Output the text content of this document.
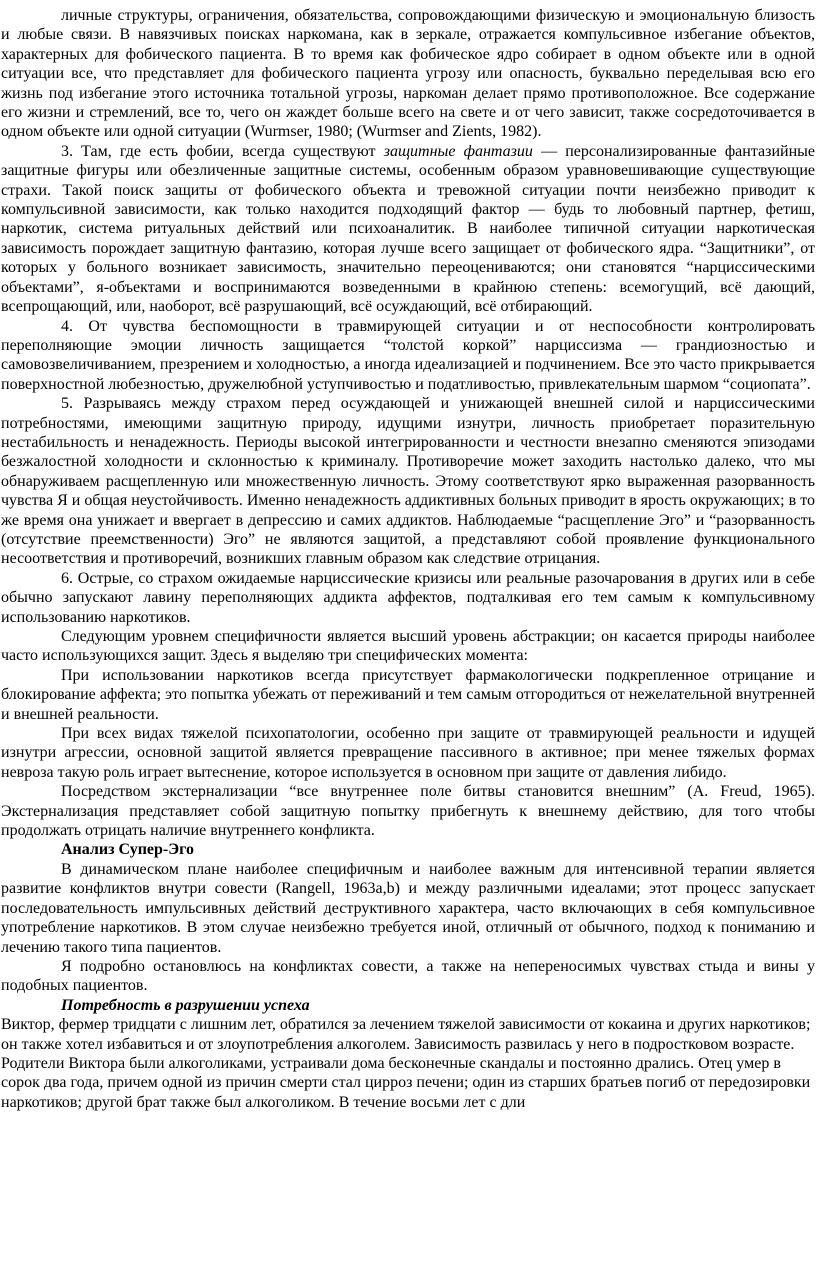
личные структуры, ограничения, обязательства, сопровождающими физическую и эмоциональную близость и любые связи. В навязчивых поисках наркомана, как в зеркале, отражается компульсивное избегание объектов, характерных для фобического пациента. В то время как фобическое ядро собирает в одном объекте или в одной ситуации все, что представляет для фобического пациента угрозу или опасность, буквально переделывая всю его жизнь под избегание этого источника тотальной угрозы, наркоман делает прямо противоположное. Все содержание его жизни и стремлений, все то, чего он жаждет больше всего на свете и от чего зависит, также сосредоточивается в одном объекте или одной ситуации (Wurmser, 1980; (Wurmser and Zients, 1982).

3. Там, где есть фобии, всегда существуют защитные фантазии — персонализированные фантазийные защитные фигуры или обезличенные защитные системы, особенным образом уравновешивающие существующие страхи. Такой поиск защиты от фобического объекта и тревожной ситуации почти неизбежно приводит к компульсивной зависимости, как только находится подходящий фактор — будь то любовный партнер, фетиш, наркотик, система ритуальных действий или психоаналитик. В наиболее типичной ситуации наркотическая зависимость порождает защитную фантазию, которая лучше всего защищает от фобического ядра. “Защитники”, от которых у больного возникает зависимость, значительно переоцениваются; они становятся “нарциссическими объектами”, я-объектами и воспринимаются возведенными в крайнюю степень: всемогущий, всё дающий, всепрощающий, или, наоборот, всё разрушающий, всё осуждающий, всё отбирающий.

4. От чувства беспомощности в травмирующей ситуации и от неспособности контролировать переполняющие эмоции личность защищается “толстой коркой” нарциссизма — грандиозностью и самовозвеличиванием, презрением и холодностью, а иногда идеализацией и подчинением. Все это часто прикрывается поверхностной любезностью, дружелюбной уступчивостью и податливостью, привлекательным шармом “социопата”.

5. Разрываясь между страхом перед осуждающей и унижающей внешней силой и нарциссическими потребностями, имеющими защитную природу, идущими изнутри, личность приобретает поразительную нестабильность и ненадежность. Периоды высокой интегрированности и честности внезапно сменяются эпизодами безжалостной холодности и склонностью к криминалу. Противоречие может заходить настолько далеко, что мы обнаруживаем расщепленную или множественную личность. Этому соответствуют ярко выраженная разорванность чувства Я и общая неустойчивость. Именно ненадежность аддиктивных больных приводит в ярость окружающих; в то же время она унижает и ввергает в депрессию и самих аддиктов. Наблюдаемые “расщепление Эго” и “разорванность (отсутствие преемственности) Эго” не являются защитой, а представляют собой проявление функционального несоответствия и противоречий, возникших главным образом как следствие отрицания.

6. Острые, со страхом ожидаемые нарциссические кризисы или реальные разочарования в других или в себе обычно запускают лавину переполняющих аддикта аффектов, подталкивая его тем самым к компульсивному использованию наркотиков.

Следующим уровнем специфичности является высший уровень абстракции; он касается природы наиболее часто использующихся защит. Здесь я выделяю три специфических момента:

При использовании наркотиков всегда присутствует фармакологически подкрепленное отрицание и блокирование аффекта; это попытка убежать от переживаний и тем самым отгородиться от нежелательной внутренней и внешней реальности.

При всех видах тяжелой психопатологии, особенно при защите от травмирующей реальности и идущей изнутри агрессии, основной защитой является превращение пассивного в активное; при менее тяжелых формах невроза такую роль играет вытеснение, которое используется в основном при защите от давления либидо.

Посредством экстернализации “все внутреннее поле битвы становится внешним” (A. Freud, 1965). Экстернализация представляет собой защитную попытку прибегнуть к внешнему действию, для того чтобы продолжать отрицать наличие внутреннего конфликта.

Анализ Супер-Эго

В динамическом плане наиболее специфичным и наиболее важным для интенсивной терапии является развитие конфликтов внутри совести (Rangell, 1963a,b) и между различными идеалами; этот процесс запускает последовательность импульсивных действий деструктивного характера, часто включающих в себя компульсивное употребление наркотиков. В этом случае неизбежно требуется иной, отличный от обычного, подход к пониманию и лечению такого типа пациентов.

Я подробно остановлюсь на конфликтах совести, а также на непереносимых чувствах стыда и вины у подобных пациентов.

Потребность в разрушении успеха

Виктор, фермер тридцати с лишним лет, обратился за лечением тяжелой зависимости от кокаина и других наркотиков; он также хотел избавиться и от злоупотребления алкоголем. Зависимость развилась у него в подростковом возрасте. Родители Виктора были алкоголиками, устраивали дома бесконечные скандалы и постоянно дрались. Отец умер в сорок два года, причем одной из причин смерти стал цирроз печени; один из старших братьев погиб от передозировки наркотиков; другой брат также был алкоголиком. В течение восьми лет с дли
